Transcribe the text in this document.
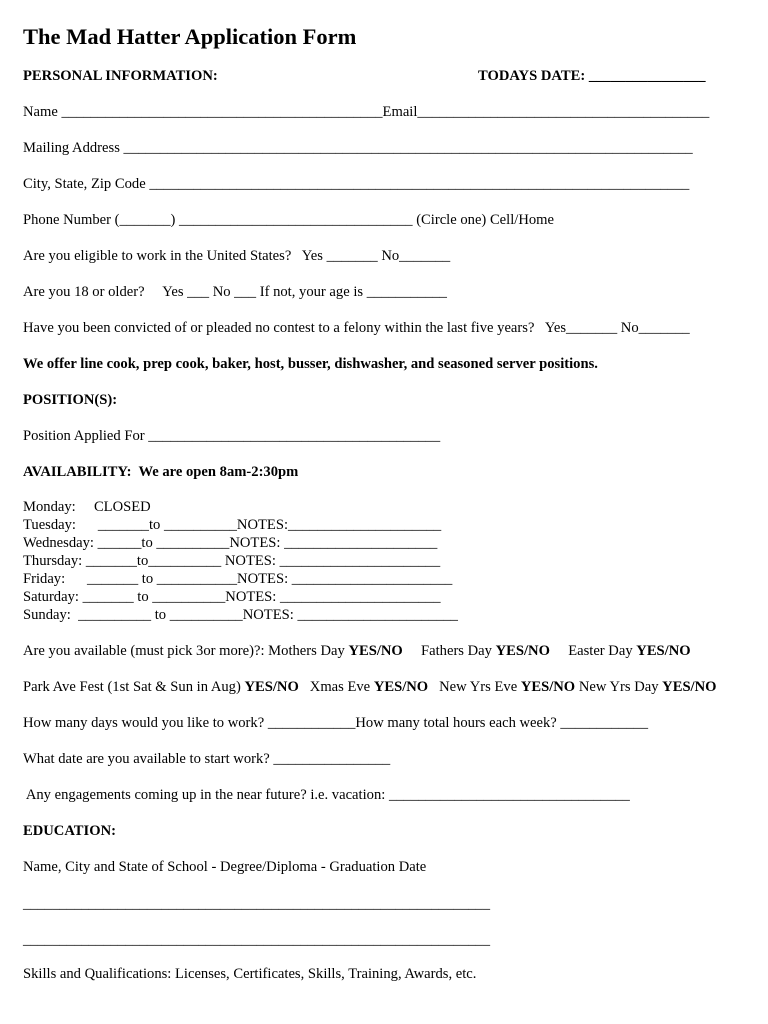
The Mad Hatter Application Form
PERSONAL INFORMATION:	TODAYS DATE: ________________
Name ____________________________________________Email________________________________________
Mailing Address ______________________________________________________________________________
City, State, Zip Code __________________________________________________________________________
Phone Number (_______) ________________________________ (Circle one) Cell/Home
Are you eligible to work in the United States?   Yes _______ No_______
Are you 18 or older?     Yes ___ No ___ If not, your age is ___________
Have you been convicted of or pleaded no contest to a felony within the last five years?   Yes_______ No_______
We offer line cook, prep cook, baker, host, busser, dishwasher, and seasoned server positions.
POSITION(S):
Position Applied For ________________________________________
AVAILABILITY:  We are open 8am-2:30pm
Monday:     CLOSED
Tuesday:      _______to __________NOTES:_____________________
Wednesday: ______to __________NOTES: _____________________
Thursday: _______to__________ NOTES: ______________________
Friday:      _______ to ___________NOTES: ______________________
Saturday: _______ to __________NOTES: ______________________
Sunday:  __________ to __________NOTES: ______________________
Are you available (must pick 3or more)?: Mothers Day YES/NO     Fathers Day YES/NO     Easter Day YES/NO
Park Ave Fest (1st Sat & Sun in Aug) YES/NO   Xmas Eve YES/NO   New Yrs Eve YES/NO New Yrs Day YES/NO
How many days would you like to work? ____________How many total hours each week? ____________
What date are you available to start work? ________________
Any engagements coming up in the near future? i.e. vacation: _________________________________
EDUCATION:
Name, City and State of School - Degree/Diploma - Graduation Date
________________________________________________________________
________________________________________________________________
Skills and Qualifications: Licenses, Certificates, Skills, Training, Awards, etc.
